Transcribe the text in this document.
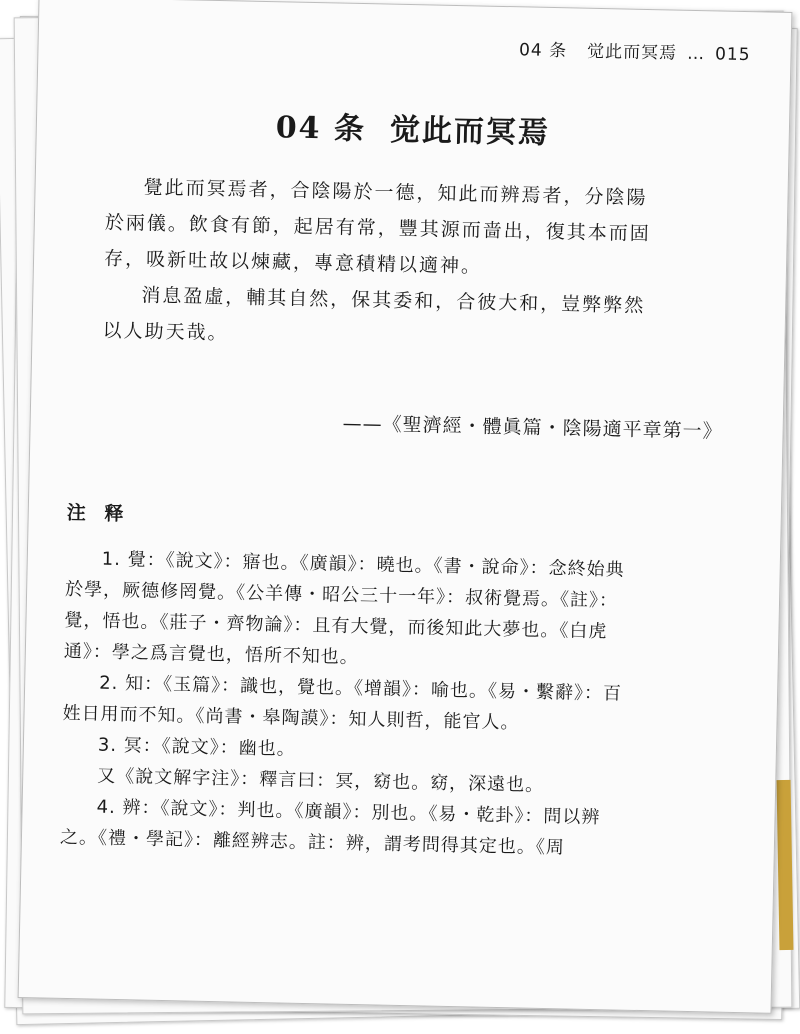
04 条 觉此而冥焉 … 015
04 条 觉此而冥焉

覺此而冥焉者，合陰陽於一德，知此而辨焉者，分陰陽於兩儀。飲食有節，起居有常，豐其源而啬出，復其本而固存，吸新吐故以煉藏，專意積精以適神。

消息盈虛，輔其自然，保其委和，合彼大和，豈弊弊然以人助天哉。

——《聖濟經・體眞篇・陰陽適平章第一》
注 释

1. 覺：《說文》：寤也。《廣韻》：曉也。《書・說命》：念終始典於學，厥德修罔覺。《公羊傳・昭公三十一年》：叔術覺焉。《註》：覺，悟也。《莊子・齊物論》：且有大覺，而後知此大夢也。《白虎通》：學之爲言覺也，悟所不知也。

2. 知：《玉篇》：識也，覺也。《增韻》：喻也。《易・繫辭》：百姓日用而不知。《尚書・皋陶謨》：知人則哲，能官人。

3. 冥：《說文》：幽也。

又《說文解字注》：釋言曰：冥，窈也。窈，深遠也。

4. 辨：《說文》：判也。《廣韻》：別也。《易・乾卦》：問以辨之。《禮・學記》：離經辨志。註：辨，謂考問得其定也。《周
